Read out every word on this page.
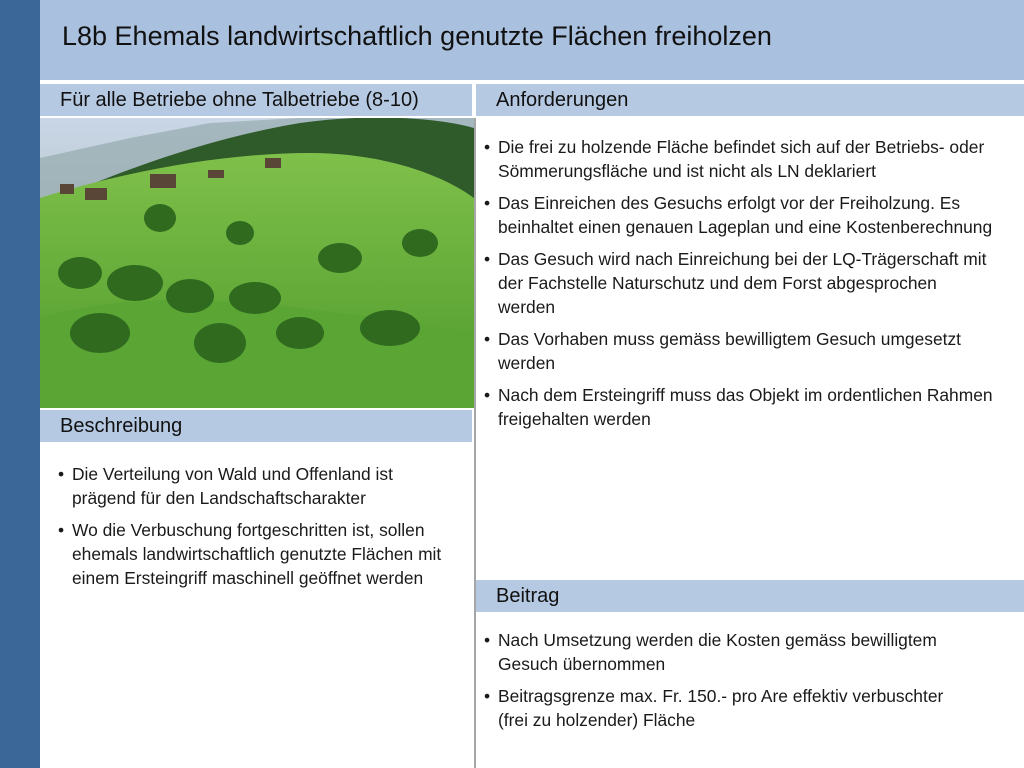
L8b Ehemals landwirtschaftlich genutzte Flächen freiholzen
Für alle Betriebe ohne Talbetriebe (8-10)	Anforderungen
Beschreibung
• Die Verteilung von Wald und Offenland ist prägend für den Landschaftscharakter
• Wo die Verbuschung fortgeschritten ist, sollen ehemals landwirtschaftlich genutzte Flächen mit einem Ersteingriff maschinell geöffnet werden
• Die frei zu holzende Fläche befindet sich auf der Betriebs- oder Sömmerungsfläche und ist nicht als LN deklariert
• Das Einreichen des Gesuchs erfolgt vor der Freiholzung. Es beinhaltet einen genauen Lageplan und eine Kostenberechnung
• Das Gesuch wird nach Einreichung bei der LQ-Trägerschaft mit der Fachstelle Naturschutz und dem Forst abgesprochen werden
• Das Vorhaben muss gemäss bewilligtem Gesuch umgesetzt werden
• Nach dem Ersteingriff muss das Objekt im ordentlichen Rahmen freigehalten werden
Beitrag
• Nach Umsetzung werden die Kosten gemäss bewilligtem Gesuch übernommen
• Beitragsgrenze max. Fr. 150.- pro Are effektiv verbuschter (frei zu holzender) Fläche
